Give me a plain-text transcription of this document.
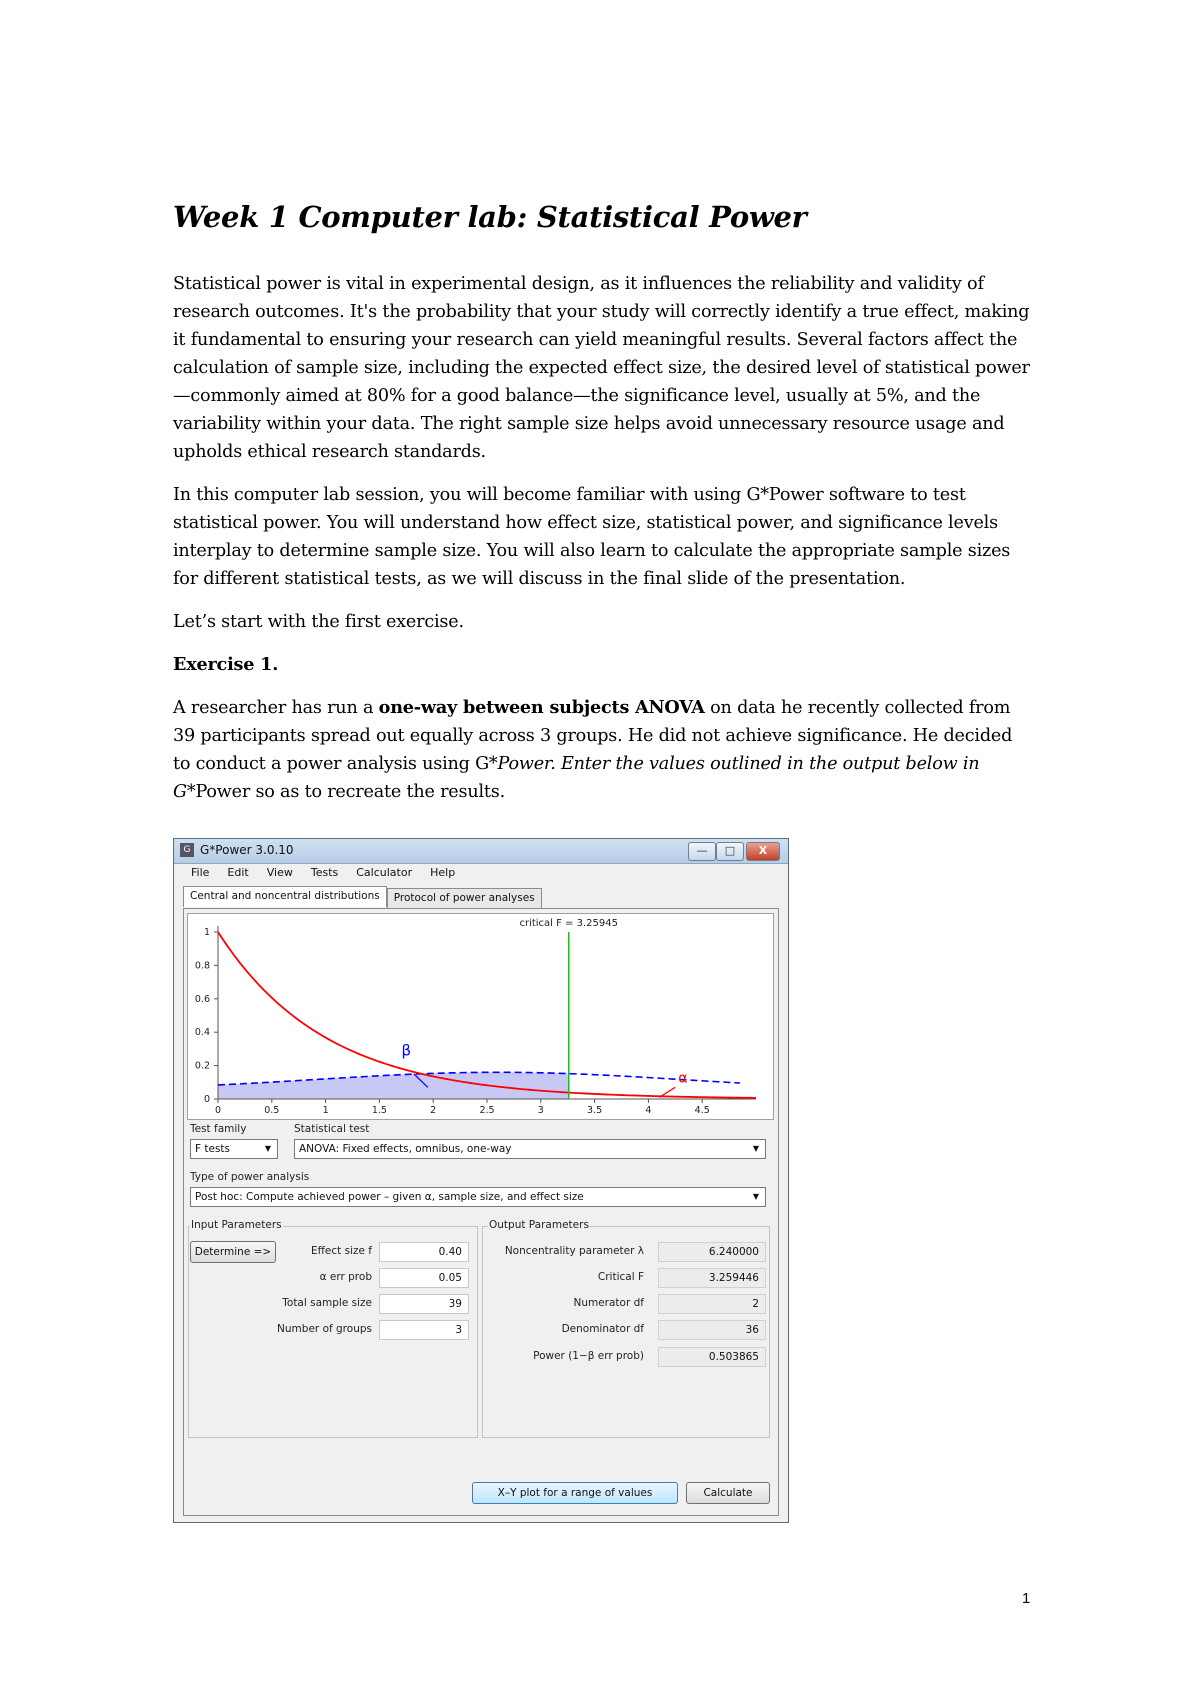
Week 1 Computer lab: Statistical Power

Statistical power is vital in experimental design, as it influences the reliability and validity of research outcomes. It's the probability that your study will correctly identify a true effect, making it fundamental to ensuring your research can yield meaningful results. Several factors affect the calculation of sample size, including the expected effect size, the desired level of statistical power—commonly aimed at 80% for a good balance—the significance level, usually at 5%, and the variability within your data. The right sample size helps avoid unnecessary resource usage and upholds ethical research standards.

In this computer lab session, you will become familiar with using G*Power software to test statistical power. You will understand how effect size, statistical power, and significance levels interplay to determine sample size. You will also learn to calculate the appropriate sample sizes for different statistical tests, as we will discuss in the final slide of the presentation.

Let’s start with the first exercise.

Exercise 1.

A researcher has run a one-way between subjects ANOVA on data he recently collected from 39 participants spread out equally across 3 groups. He did not achieve significance. He decided to conduct a power analysis using G*Power. Enter the values outlined in the output below in G*Power so as to recreate the results.

G G*Power 3.0.10	—	□	X
File	Edit	View	Tests	Calculator	Help
Central and noncentral distributions	Protocol of power analyses
0
0.2
0.4
0.6
0.8
1
0	0.5	1	1.5	2	2.5	3	3.5	4	4.5
critical F = 3.25945
β
α
Test family
F tests	▼
Statistical test
ANOVA: Fixed effects, omnibus, one-way	▼
Type of power analysis
Post hoc: Compute achieved power – given α, sample size, and effect size	▼
Input Parameters
Determine =>	Effect size f	0.40
α err prob	0.05
Total sample size	39
Number of groups	3
Output Parameters
Noncentrality parameter λ	6.240000
Critical F	3.259446
Numerator df	2
Denominator df	36
Power (1−β err prob)	0.503865
X–Y plot for a range of values	Calculate
1
